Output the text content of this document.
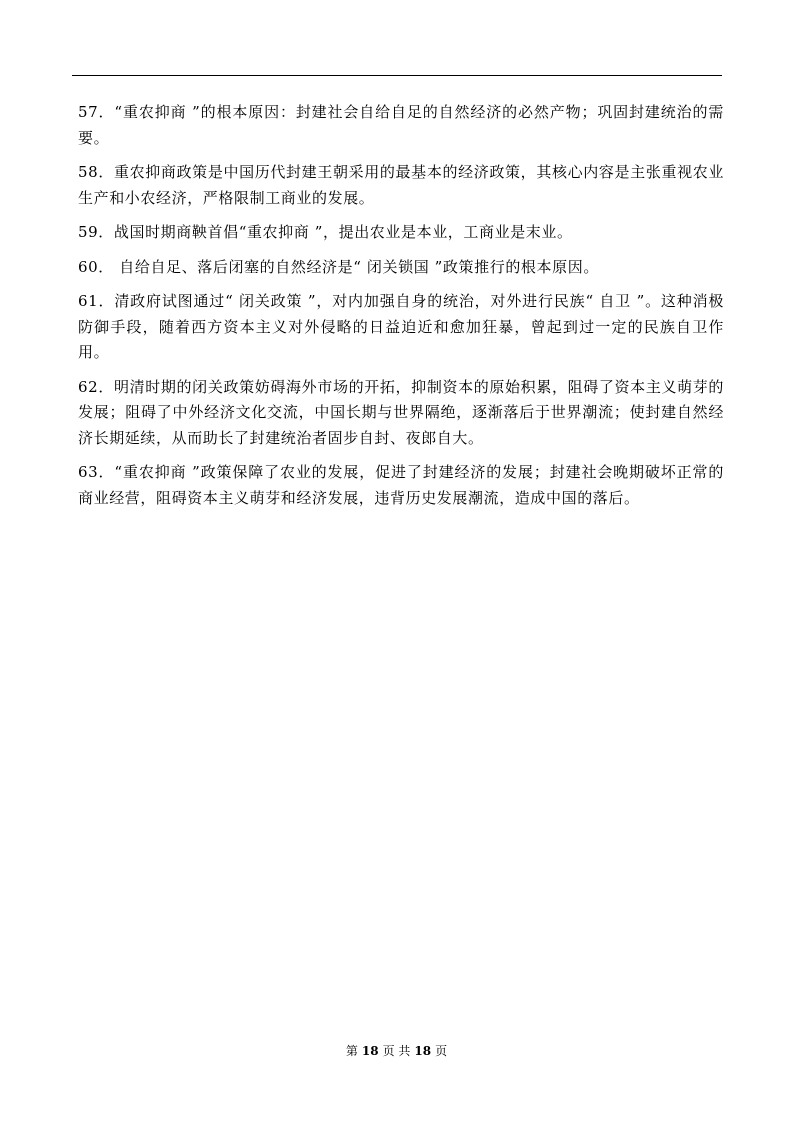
57．“重农抑商 ”的根本原因：封建社会自给自足的自然经济的必然产物；巩固封建统治的需要。

58．重农抑商政策是中国历代封建王朝采用的最基本的经济政策，其核心内容是主张重视农业生产和小农经济，严格限制工商业的发展。

59．战国时期商鞅首倡“重农抑商 ”，提出农业是本业，工商业是末业。

60． 自给自足、落后闭塞的自然经济是“ 闭关锁国 ”政策推行的根本原因。

61．清政府试图通过“ 闭关政策 ”，对内加强自身的统治，对外进行民族“ 自卫 ”。这种消极防御手段，随着西方资本主义对外侵略的日益迫近和愈加狂暴，曾起到过一定的民族自卫作用。

62．明清时期的闭关政策妨碍海外市场的开拓，抑制资本的原始积累，阻碍了资本主义萌芽的发展；阻碍了中外经济文化交流，中国长期与世界隔绝，逐渐落后于世界潮流；使封建自然经济长期延续，从而助长了封建统治者固步自封、夜郎自大。

63．“重农抑商 ”政策保障了农业的发展，促进了封建经济的发展；封建社会晚期破坏正常的商业经营，阻碍资本主义萌芽和经济发展，违背历史发展潮流，造成中国的落后。

第 18 页 共 18 页
